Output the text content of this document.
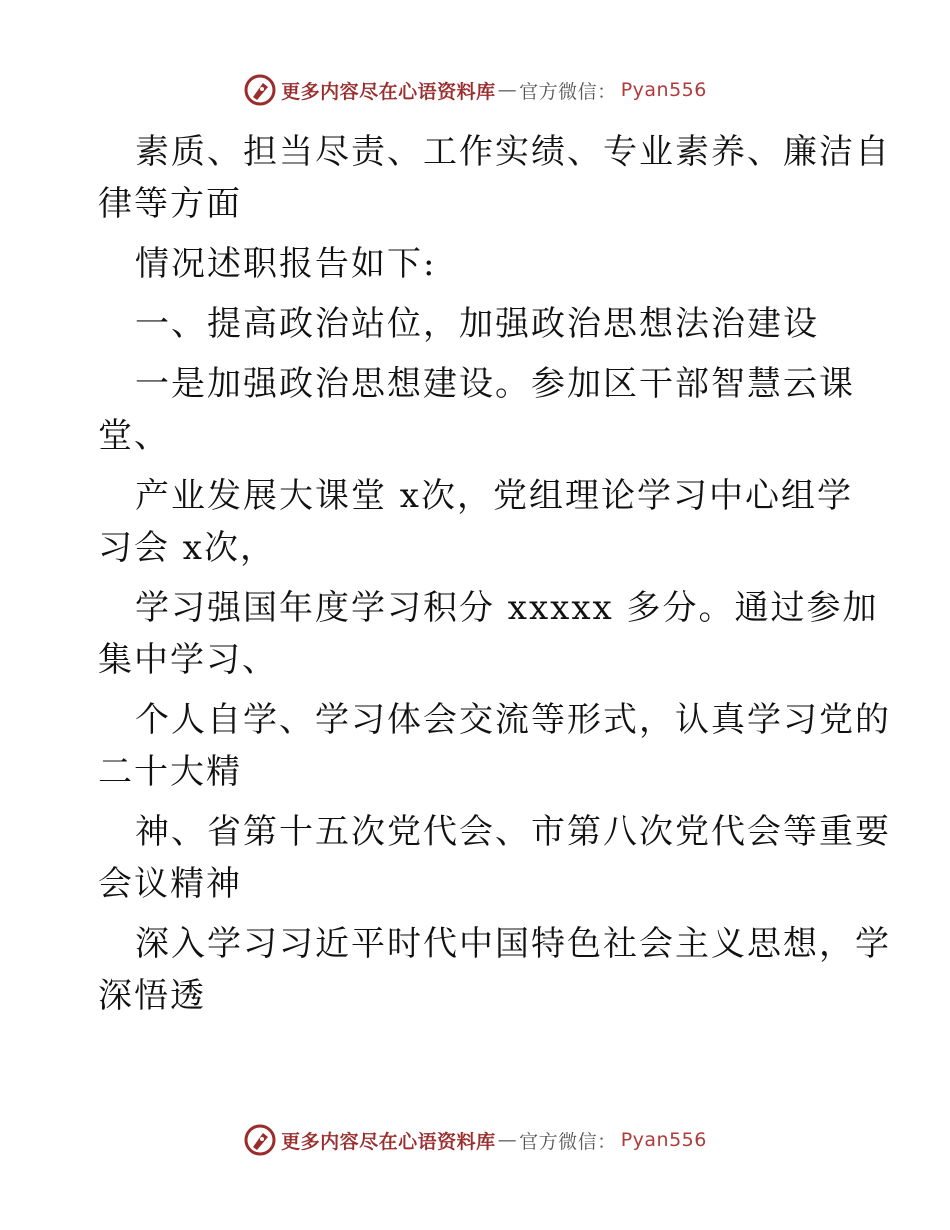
更多内容尽在心语资料库 — 官方微信： Pyan556
素质、担当尽责、工作实绩、专业素养、廉洁自
律等方面
情况述职报告如下:
一、提高政治站位，加强政治思想法治建设
一是加强政治思想建设。参加区干部智慧云课
堂、
产业发展大课堂 x次，党组理论学习中心组学
习会 x次，
学习强国年度学习积分 xxxxx 多分。通过参加
集中学习、
个人自学、学习体会交流等形式，认真学习党的
二十大精
神、省第十五次党代会、市第八次党代会等重要
会议精神
深入学习习近平时代中国特色社会主义思想，学
深悟透
更多内容尽在心语资料库 — 官方微信： Pyan556
